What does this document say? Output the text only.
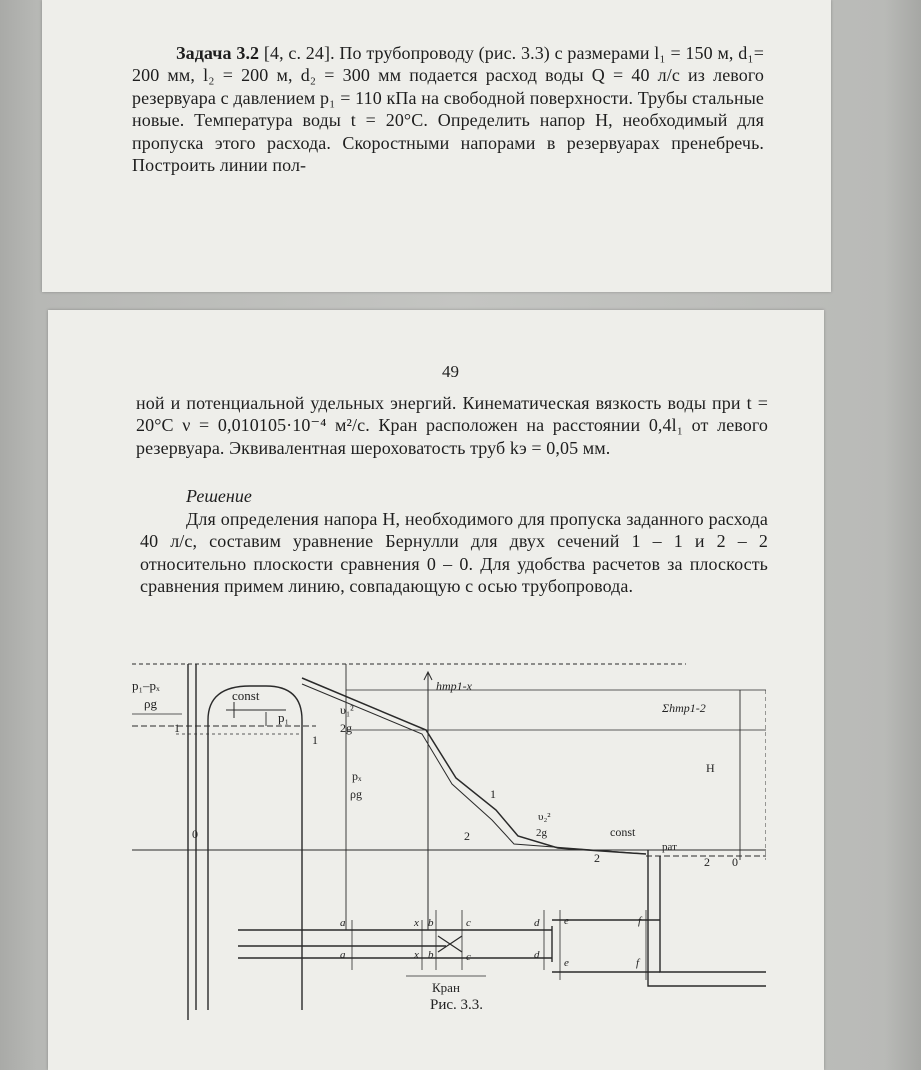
Задача 3.2 [4, с. 24]. По трубопроводу (рис. 3.3) с размерами l₁ = 150 м, d₁= 200 мм, l₂ = 200 м, d₂ = 300 мм подается расход воды Q = 40 л/с из левого резервуара с давлением p₁ = 110 кПа на свободной поверхности. Трубы стальные новые. Температура воды t = 20°С. Определить напор H, необходимый для пропуска этого расхода. Скоростными напорами в резервуарах пренебречь. Построить линии пол-
49
ной и потенциальной удельных энергий. Кинематическая вязкость воды при t = 20°С ν = 0,010105·10⁻⁴ м²/с. Кран расположен на расстоянии 0,4l₁ от левого резервуара. Эквивалентная шероховатость труб kэ = 0,05 мм.
Решение
Для определения напора H, необходимого для пропуска заданного расхода 40 л/с, составим уравнение Бернулли для двух сечений 1 – 1 и 2 – 2 относительно плоскости сравнения 0 – 0. Для удобства расчетов за плоскость сравнения примем линию, совпадающую с осью трубопровода.
p₁–pₓ
ρg
const
p₁
1
1
hтр1-x
υ₁²
2g
pₓ
ρg	1
2
0
υ₂²
2g	const
pат
Σhтр1-2
H
2	2 0
a	x b	c	d e	f
a	x b	c	d
e	f
Кран
Рис. 3.3.
